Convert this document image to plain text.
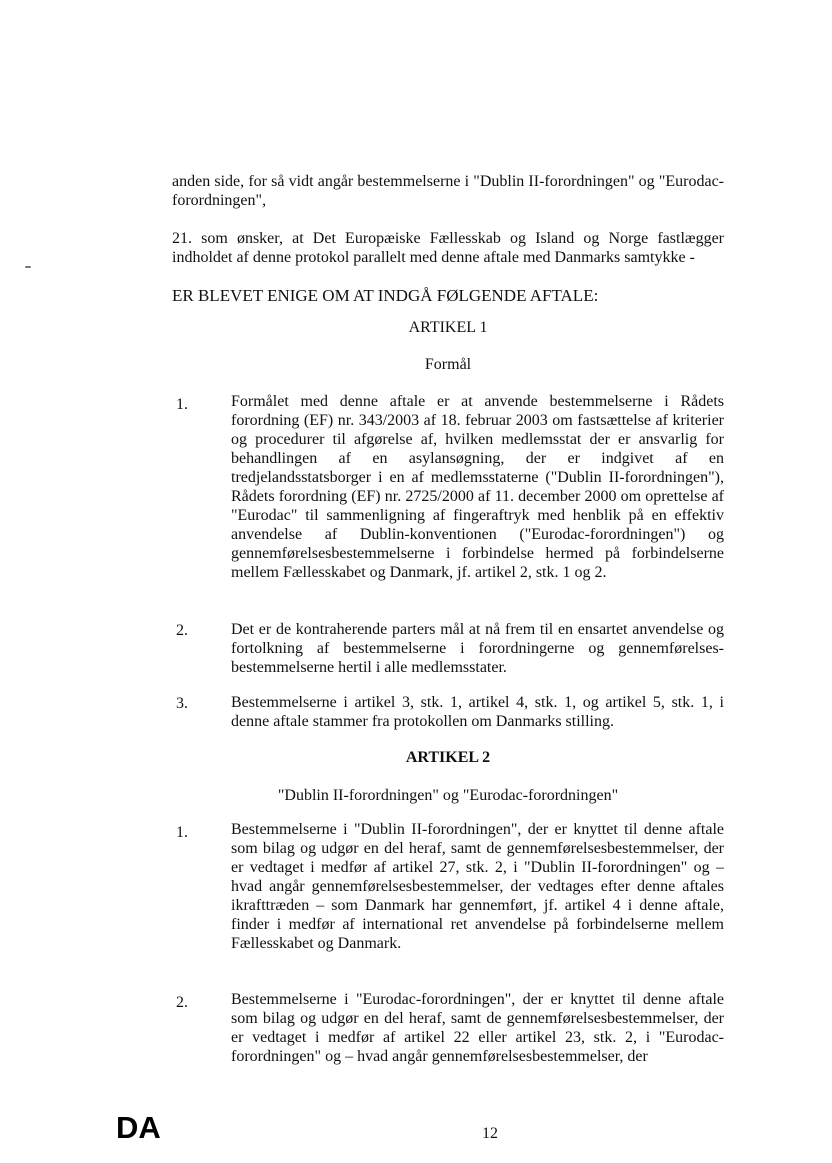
anden side, for så vidt angår bestemmelserne i "Dublin II-forordningen" og "Eurodac-forordningen",
21. som ønsker, at Det Europæiske Fællesskab og Island og Norge fastlægger indholdet af denne protokol parallelt med denne aftale med Danmarks samtykke -
ER BLEVET ENIGE OM AT INDGÅ FØLGENDE AFTALE:
ARTIKEL 1
Formål
1.	Formålet med denne aftale er at anvende bestemmelserne i Rådets forordning (EF) nr. 343/2003 af 18. februar 2003 om fastsættelse af kriterier og procedurer til afgørelse af, hvilken medlemsstat der er ansvarlig for behandlingen af en asylansøgning, der er indgivet af en tredjelandsstatsborger i en af medlemsstaterne ("Dublin II-forordningen"), Rådets forordning (EF) nr. 2725/2000 af 11. december 2000 om oprettelse af "Eurodac" til sammenligning af fingeraftryk med henblik på en effektiv anvendelse af Dublin-konventionen ("Eurodac-forordningen") og gennemførelsesbestemmelserne i forbindelse hermed på forbindelserne mellem Fællesskabet og Danmark, jf. artikel 2, stk. 1 og 2.
2.	Det er de kontraherende parters mål at nå frem til en ensartet anvendelse og fortolkning af bestemmelserne i forordningerne og gennemførelses-bestemmelserne hertil i alle medlemsstater.
3.	Bestemmelserne i artikel 3, stk. 1, artikel 4, stk. 1, og artikel 5, stk. 1, i denne aftale stammer fra protokollen om Danmarks stilling.
ARTIKEL 2
"Dublin II-forordningen" og "Eurodac-forordningen"
1.	Bestemmelserne i "Dublin II-forordningen", der er knyttet til denne aftale som bilag og udgør en del heraf, samt de gennemførelsesbestemmelser, der er vedtaget i medfør af artikel 27, stk. 2, i "Dublin II-forordningen" og – hvad angår gennemførelsesbestemmelser, der vedtages efter denne aftales ikrafttræden – som Danmark har gennemført, jf. artikel 4 i denne aftale, finder i medfør af international ret anvendelse på forbindelserne mellem Fællesskabet og Danmark.
2.	Bestemmelserne i "Eurodac-forordningen", der er knyttet til denne aftale som bilag og udgør en del heraf, samt de gennemførelsesbestemmelser, der er vedtaget i medfør af artikel 22 eller artikel 23, stk. 2, i "Eurodac-forordningen" og – hvad angår gennemførelsesbestemmelser, der
DA	12
